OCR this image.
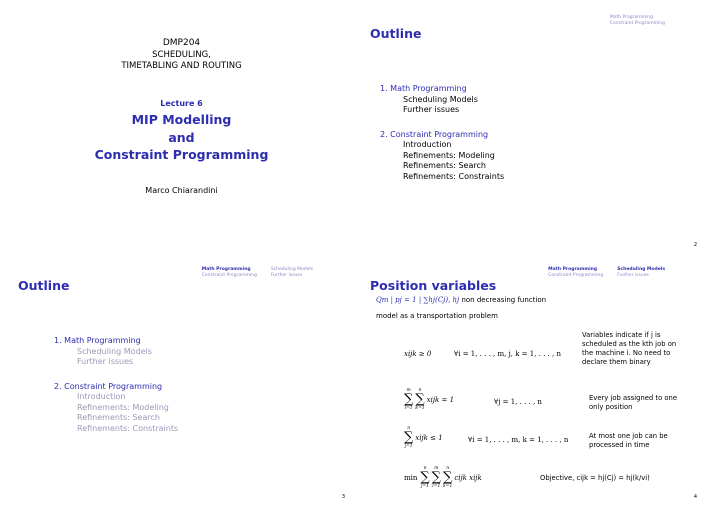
DMP204
SCHEDULING,
TIMETABLING AND ROUTING
Lecture 6
MIP Modelling
and
Constraint Programming
Marco Chiarandini
Math Programming
Constraint Programming
Outline
1. Math Programming
Scheduling Models
Further issues
2. Constraint Programming
Introduction
Refinements: Modeling
Refinements: Search
Refinements: Constraints
2
Math Programming
Constraint Programming
Scheduling Models
Further issues
Outline
1. Math Programming
Scheduling Models
Further issues
2. Constraint Programming
Introduction
Refinements: Modeling
Refinements: Search
Refinements: Constraints
3
Math Programming
Constraint Programming
Scheduling Models
Further issues
Position variables
Qm | pj = 1 | ∑hj(Cj), hj non decreasing function
model as a transportation problem
xijk ≥ 0	∀i = 1, . . . , m, j, k = 1, . . . , n
Variables indicate if j is scheduled as the kth job on the machine i. No need to declare them binary
m
∑
i=1
n
∑
k=1
xijk = 1	∀j = 1, . . . , n	Every job assigned to one only position
n
∑
j=1
xijk ≤ 1	∀i = 1, . . . , m, k = 1, . . . , n	At most one job can be processed in time
min
n
∑
j=1
m
∑
i=1
n
∑
k=1
cijk xijk	Objective, cijk = hj(Cj) = hj(k/vi)
4
